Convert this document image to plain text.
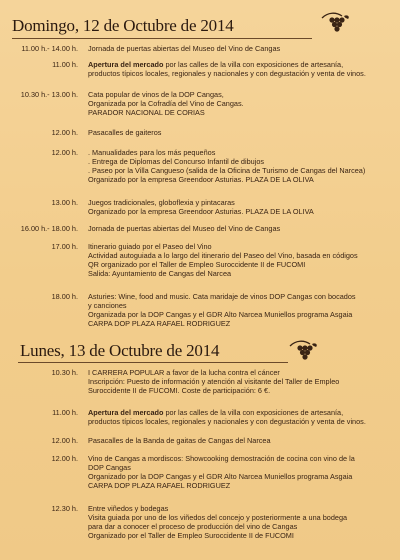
Domingo, 12 de Octubre de 2014
11.00 h.- 14.00 h. Jornada de puertas abiertas del Museo del Vino de Cangas
11.00 h. Apertura del mercado por las calles de la villa con exposiciones de artesanía,
productos típicos locales, regionales y nacionales y con degustación y venta de vinos.
10.30 h.- 13.00 h. Cata popular de vinos de la DOP Cangas,
Organizada por la Cofradía del Vino de Cangas.
PARADOR NACIONAL DE CORIAS
12.00 h. Pasacalles de gaiteros
12.00 h. . Manualidades para los más pequeños
. Entrega de Diplomas del Concurso Infantil de dibujos
. Paseo por la Villa Cangueso (salida de la Oficina de Turismo de Cangas del Narcea)
Organizado por la empresa Greendoor Asturias. PLAZA DE LA OLIVA
13.00 h. Juegos tradicionales, globoflexia y pintacaras
Organizado por la empresa Greendoor Asturias. PLAZA DE LA OLIVA
16.00 h.- 18.00 h. Jornada de puertas abiertas del Museo del Vino de Cangas
17.00 h. Itinerario guiado por el Paseo del Vino
Actividad autoguiada a lo largo del itinerario del Paseo del Vino, basada en códigos
QR organizado por el Taller de Empleo Suroccidente II de FUCOMI
Salida: Ayuntamiento de Cangas del Narcea
18.00 h. Asturies: Wine, food and music. Cata maridaje de vinos DOP Cangas con bocados
y canciones
Organizada por la DOP Cangas y el GDR Alto Narcea Muniellos programa Asgaia
CARPA DOP PLAZA RAFAEL RODRIGUEZ
Lunes, 13 de Octubre de 2014
10.30 h. I CARRERA POPULAR a favor de la lucha contra el cáncer
Inscripción: Puesto de información y atención al visitante del Taller de Empleo
Suroccidente II de FUCOMI. Coste de participación: 6 €.
11.00 h. Apertura del mercado por las calles de la villa con exposiciones de artesanía,
productos típicos locales, regionales y nacionales y con degustación y venta de vinos.
12.00 h. Pasacalles de la Banda de gaitas de Cangas del Narcea
12.00 h. Vino de Cangas a mordiscos: Showcooking demostración de cocina con vino de la
DOP Cangas
Organizado por la DOP Cangas y el GDR Alto Narcea Muniellos programa Asgaia
CARPA DOP PLAZA RAFAEL RODRIGUEZ
12.30 h. Entre viñedos y bodegas
Visita guiada por uno de los viñedos del concejo y posteriormente a una bodega
para dar a conocer el proceso de producción del vino de Cangas
Organizado por el Taller de Empleo Suroccidente II de FUCOMI
